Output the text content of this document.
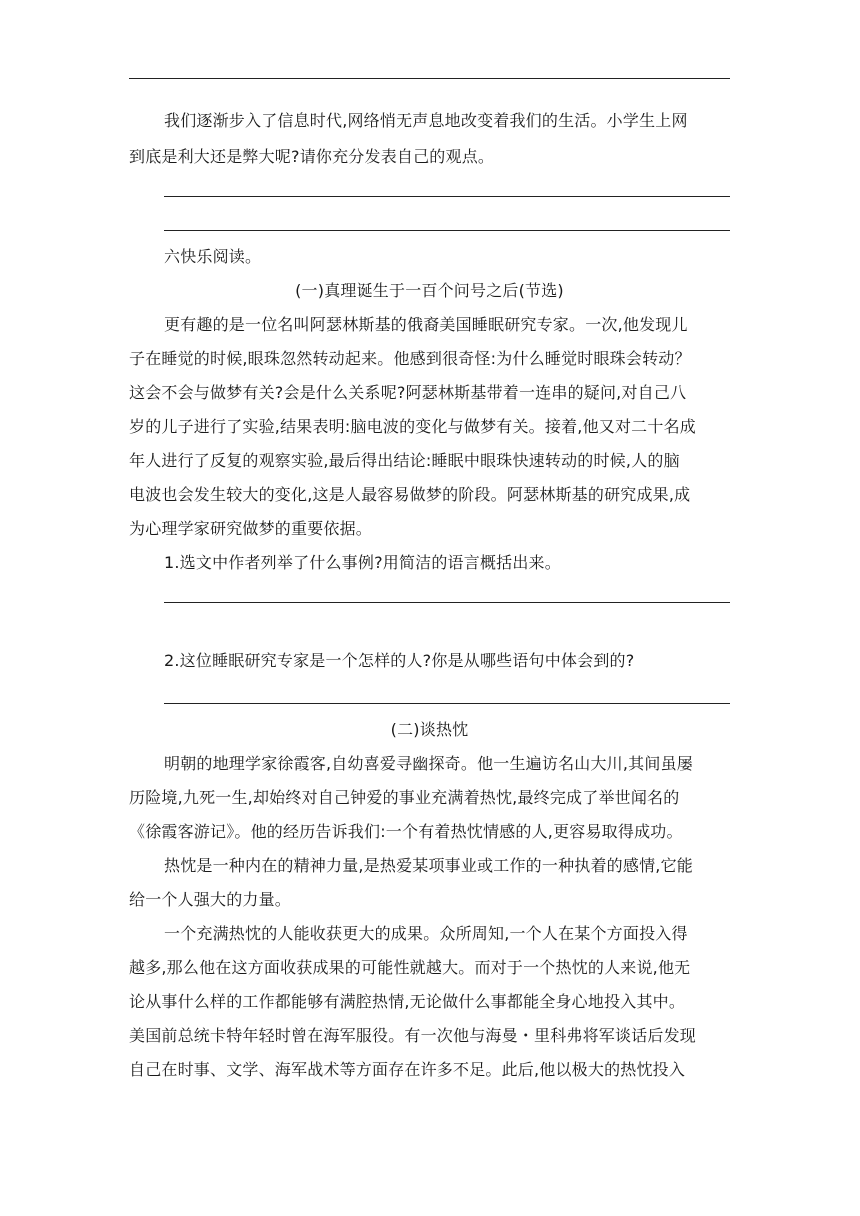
我们逐渐步入了信息时代,网络悄无声息地改变着我们的生活。小学生上网
到底是利大还是弊大呢?请你充分发表自己的观点。
六快乐阅读。
(一)真理诞生于一百个问号之后(节选)
更有趣的是一位名叫阿瑟林斯基的俄裔美国睡眠研究专家。一次,他发现儿
子在睡觉的时候,眼珠忽然转动起来。他感到很奇怪:为什么睡觉时眼珠会转动？
这会不会与做梦有关?会是什么关系呢?阿瑟林斯基带着一连串的疑问,对自己八
岁的儿子进行了实验,结果表明:脑电波的变化与做梦有关。接着,他又对二十名成
年人进行了反复的观察实验,最后得出结论:睡眠中眼珠快速转动的时候,人的脑
电波也会发生较大的变化,这是人最容易做梦的阶段。阿瑟林斯基的研究成果,成
为心理学家研究做梦的重要依据。
1.选文中作者列举了什么事例?用简洁的语言概括出来。
2.这位睡眠研究专家是一个怎样的人?你是从哪些语句中体会到的?
(二)谈热忱
明朝的地理学家徐霞客,自幼喜爱寻幽探奇。他一生遍访名山大川,其间虽屡
历险境,九死一生,却始终对自己钟爱的事业充满着热忱,最终完成了举世闻名的
《徐霞客游记》。他的经历告诉我们:一个有着热忱情感的人,更容易取得成功。
热忱是一种内在的精神力量,是热爱某项事业或工作的一种执着的感情,它能
给一个人强大的力量。
一个充满热忱的人能收获更大的成果。众所周知,一个人在某个方面投入得
越多,那么他在这方面收获成果的可能性就越大。而对于一个热忱的人来说,他无
论从事什么样的工作都能够有满腔热情,无论做什么事都能全身心地投入其中。
美国前总统卡特年轻时曾在海军服役。有一次他与海曼・里科弗将军谈话后发现
自己在时事、文学、海军战术等方面存在许多不足。此后,他以极大的热忱投入
